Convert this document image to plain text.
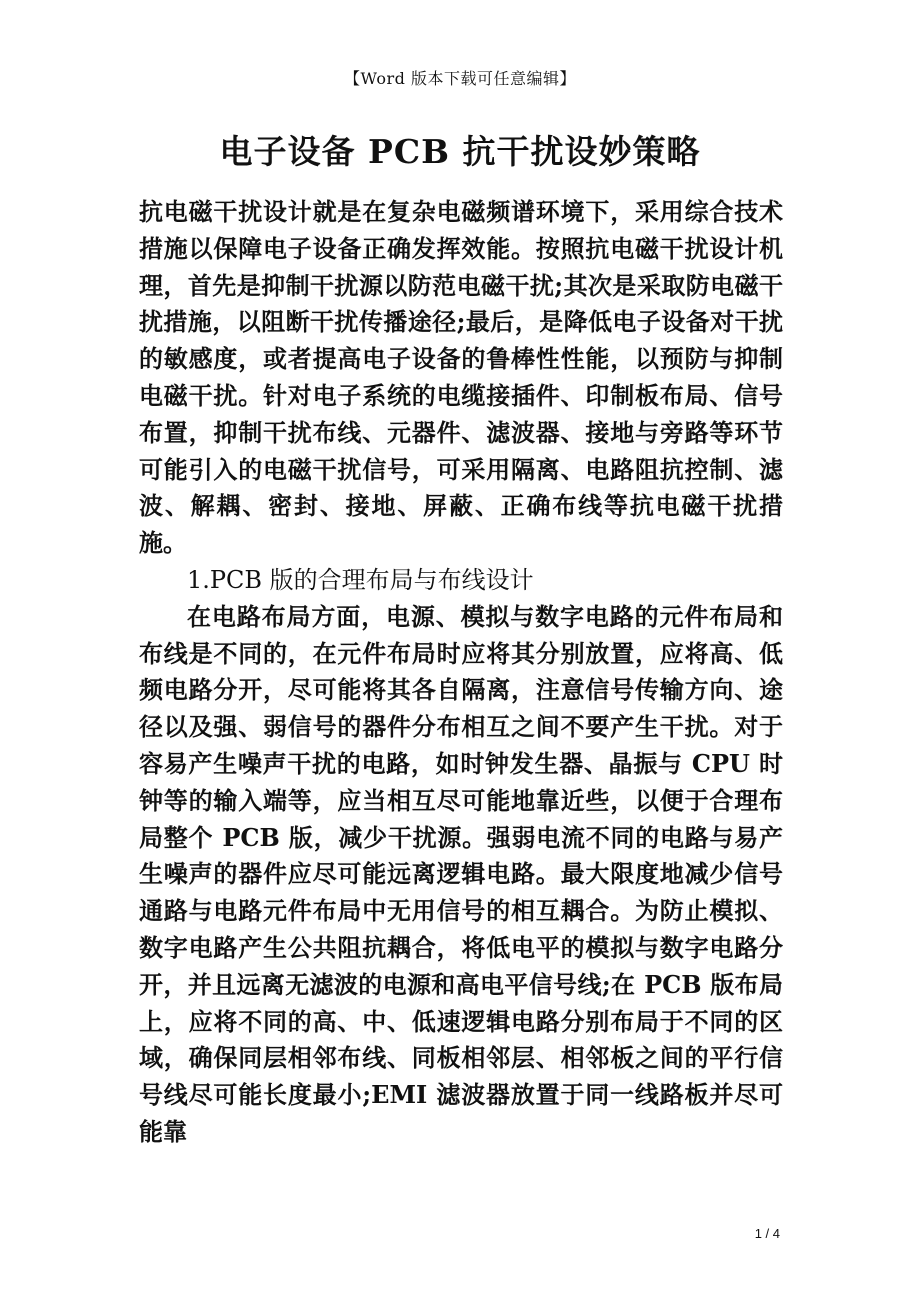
【Word 版本下载可任意编辑】
电子设备 PCB 抗干扰设妙策略

抗电磁干扰设计就是在复杂电磁频谱环境下，采用综合技术措施以保障电子设备正确发挥效能。按照抗电磁干扰设计机理，首先是抑制干扰源以防范电磁干扰;其次是采取防电磁干扰措施，以阻断干扰传播途径;最后，是降低电子设备对干扰的敏感度，或者提高电子设备的鲁棒性性能，以预防与抑制电磁干扰。针对电子系统的电缆接插件、印制板布局、信号布置，抑制干扰布线、元器件、滤波器、接地与旁路等环节可能引入的电磁干扰信号，可采用隔离、电路阻抗控制、滤波、解耦、密封、接地、屏蔽、正确布线等抗电磁干扰措施。

1.PCB 版的合理布局与布线设计

在电路布局方面，电源、模拟与数字电路的元件布局和布线是不同的，在元件布局时应将其分别放置，应将高、低频电路分开，尽可能将其各自隔离，注意信号传输方向、途径以及强、弱信号的器件分布相互之间不要产生干扰。对于容易产生噪声干扰的电路，如时钟发生器、晶振与 CPU 时钟等的输入端等，应当相互尽可能地靠近些，以便于合理布局整个 PCB 版，减少干扰源。强弱电流不同的电路与易产生噪声的器件应尽可能远离逻辑电路。最大限度地减少信号通路与电路元件布局中无用信号的相互耦合。为防止模拟、数字电路产生公共阻抗耦合，将低电平的模拟与数字电路分开，并且远离无滤波的电源和高电平信号线;在 PCB 版布局上，应将不同的高、中、低速逻辑电路分别布局于不同的区域，确保同层相邻布线、同板相邻层、相邻板之间的平行信号线尽可能长度最小;EMI 滤波器放置于同一线路板并尽可能靠

1 / 4
